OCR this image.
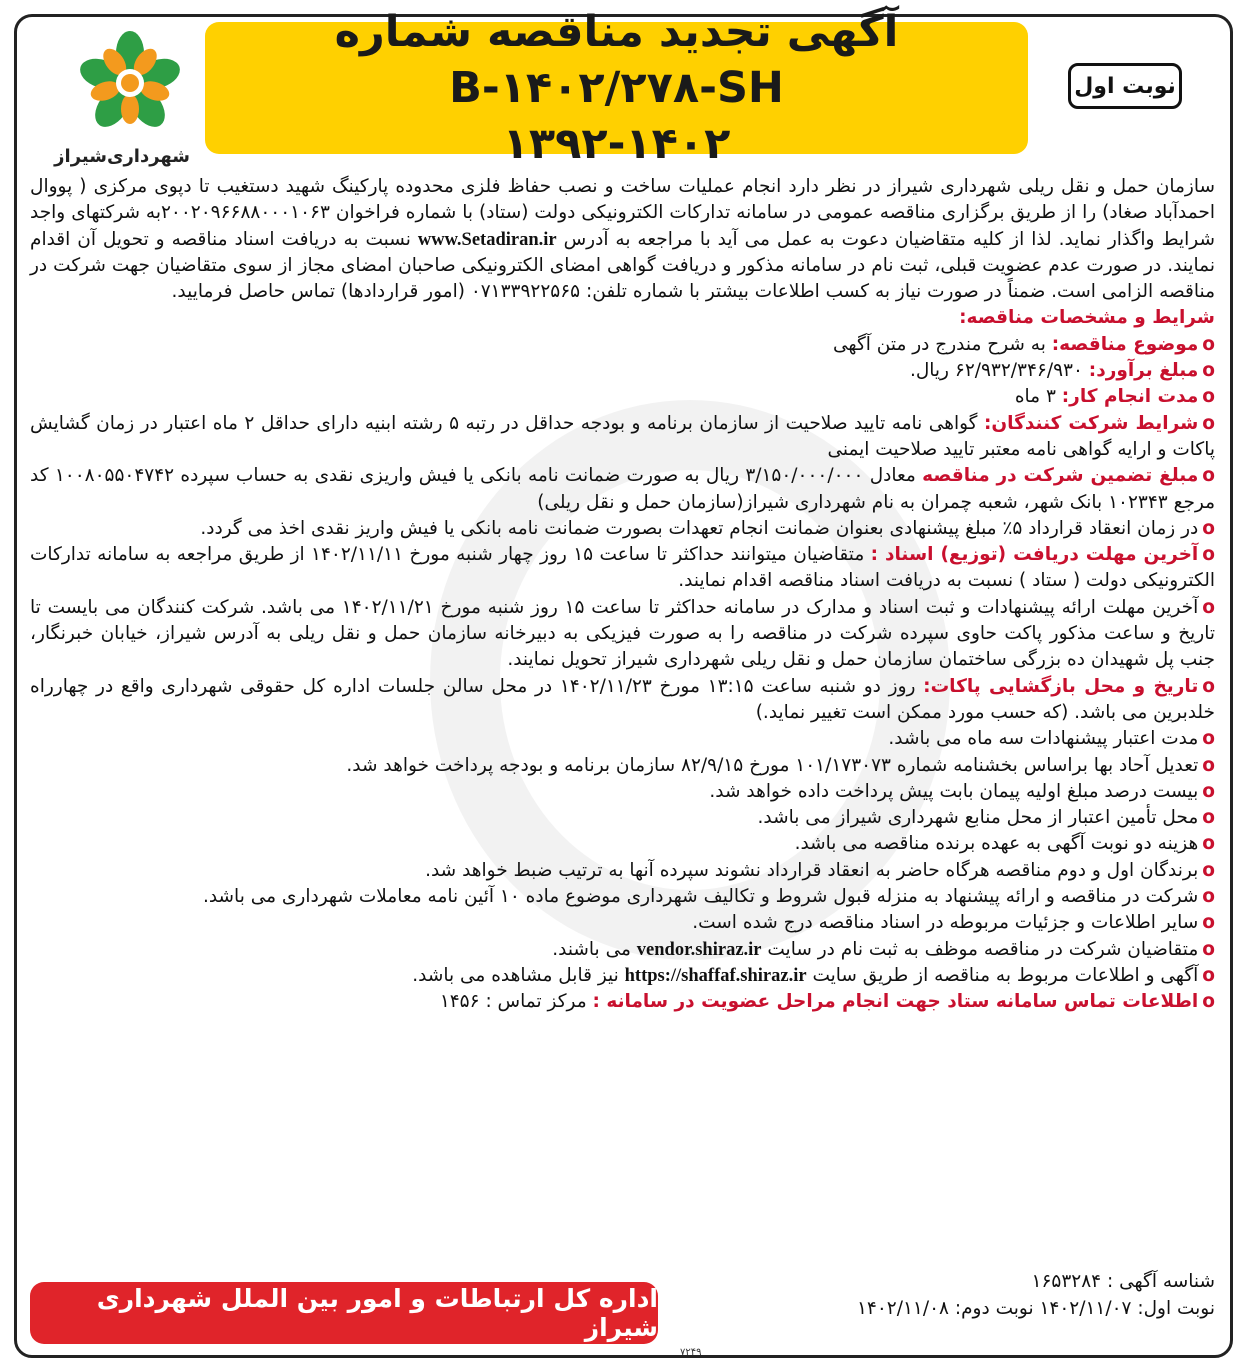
آگهی تجدید مناقصه شماره B-۱۴۰۲/۲۷۸-SH
۱۳۹۲-۱۴۰۲
نوبت اول
شهرداری‌شیراز

سازمان حمل و نقل ریلی شهرداری شیراز در نظر دارد انجام عملیات ساخت و نصب حفاظ فلزی محدوده پارکینگ شهید دستغیب تا دپوی مرکزی ( پووال احمدآباد صغاد) را از طریق برگزاری مناقصه عمومی در سامانه تدارکات الکترونیکی دولت (ستاد) با شماره فراخوان ۲۰۰۲۰۹۶۶۸۸۰۰۰۱۰۶۳به شرکتهای واجد شرایط واگذار نماید. لذا از کلیه متقاضیان دعوت به عمل می آید با مراجعه به آدرس www.Setadiran.ir نسبت به دریافت اسناد مناقصه و تحویل آن اقدام نمایند. در صورت عدم عضویت قبلی، ثبت نام در سامانه مذکور و دریافت گواهی امضای الکترونیکی صاحبان امضای مجاز از سوی متقاضیان جهت شرکت در مناقصه الزامی است. ضمناً در صورت نیاز به کسب اطلاعات بیشتر با شماره تلفن: ۰۷۱۳۳۹۲۲۵۶۵ (امور قراردادها) تماس حاصل فرمایید.

شرایط و مشخصات مناقصه:

oموضوع مناقصه: به شرح مندرج در متن آگهی

oمبلغ برآورد: ۶۲/۹۳۲/۳۴۶/۹۳۰ ریال.

oمدت انجام کار: ۳ ماه

oشرایط شرکت کنندگان: گواهی نامه تایید صلاحیت از سازمان برنامه و بودجه حداقل در رتبه ۵ رشته ابنیه دارای حداقل ۲ ماه اعتبار در زمان گشایش پاکات و ارایه گواهی نامه معتبر تایید صلاحیت ایمنی

oمبلغ تضمین شرکت در مناقصه معادل ۳/۱۵۰/۰۰۰/۰۰۰ ریال به صورت ضمانت نامه بانکی یا فیش واریزی نقدی به حساب سپرده ۱۰۰۸۰۵۵۰۴۷۴۲ کد مرجع ۱۰۲۳۴۳ بانک شهر، شعبه چمران به نام شهرداری شیراز(سازمان حمل و نقل ریلی)

oدر زمان انعقاد قرارداد ۵٪ مبلغ پیشنهادی بعنوان ضمانت انجام تعهدات بصورت ضمانت نامه بانکی یا فیش واریز نقدی اخذ می گردد.

oآخرین مهلت دریافت (توزیع) اسناد : متقاضیان میتوانند حداکثر تا ساعت ۱۵ روز چهار شنبه مورخ ۱۴۰۲/۱۱/۱۱ از طریق مراجعه به سامانه تدارکات الکترونیکی دولت ( ستاد ) نسبت به دریافت اسناد مناقصه اقدام نمایند.

oآخرین مهلت ارائه پیشنهادات و ثبت اسناد و مدارک در سامانه حداکثر تا ساعت ۱۵ روز شنبه مورخ ۱۴۰۲/۱۱/۲۱ می باشد. شرکت کنندگان می بایست تا تاریخ و ساعت مذکور پاکت حاوی سپرده شرکت در مناقصه را به صورت فیزیکی به دبیرخانه سازمان حمل و نقل ریلی به آدرس شیراز، خیابان خبرنگار، جنب پل شهیدان ده بزرگی ساختمان سازمان حمل و نقل ریلی شهرداری شیراز تحویل نمایند.

oتاریخ و محل بازگشایی پاکات: روز دو شنبه ساعت ۱۳:۱۵ مورخ ۱۴۰۲/۱۱/۲۳ در محل سالن جلسات اداره کل حقوقی شهرداری واقع در چهارراه خلدبرین می باشد. (که حسب مورد ممکن است تغییر نماید.)

oمدت اعتبار پیشنهادات سه ماه می باشد.

oتعدیل آحاد بها براساس بخشنامه شماره ۱۰۱/۱۷۳۰۷۳ مورخ ۸۲/۹/۱۵ سازمان برنامه و بودجه پرداخت خواهد شد.

oبیست درصد مبلغ اولیه پیمان بابت پیش پرداخت داده خواهد شد.

oمحل تأمین اعتبار از محل منابع شهرداری شیراز می باشد.

oهزینه دو نوبت آگهی به عهده برنده مناقصه می باشد.

oبرندگان اول و دوم مناقصه هرگاه حاضر به انعقاد قرارداد نشوند سپرده آنها به ترتیب ضبط خواهد شد.

oشرکت در مناقصه و ارائه پیشنهاد به منزله قبول شروط و تکالیف شهرداری موضوع ماده ۱۰ آئین نامه معاملات شهرداری می باشد.

oسایر اطلاعات و جزئیات مربوطه در اسناد مناقصه درج شده است.

oمتقاضیان شرکت در مناقصه موظف به ثبت نام در سایت vendor.shiraz.ir می باشند.

oآگهی و اطلاعات مربوط به مناقصه از طریق سایت https://shaffaf.shiraz.ir نیز قابل مشاهده می باشد.

oاطلاعات تماس سامانه ستاد جهت انجام مراحل عضویت در سامانه : مرکز تماس : ۱۴۵۶

شناسه آگهی : ۱۶۵۳۲۸۴
نوبت اول: ۱۴۰۲/۱۱/۰۷ نوبت دوم: ۱۴۰۲/۱۱/۰۸
اداره کل ارتباطات و امور بین الملل شهرداری شیراز
۷۲۴۹
